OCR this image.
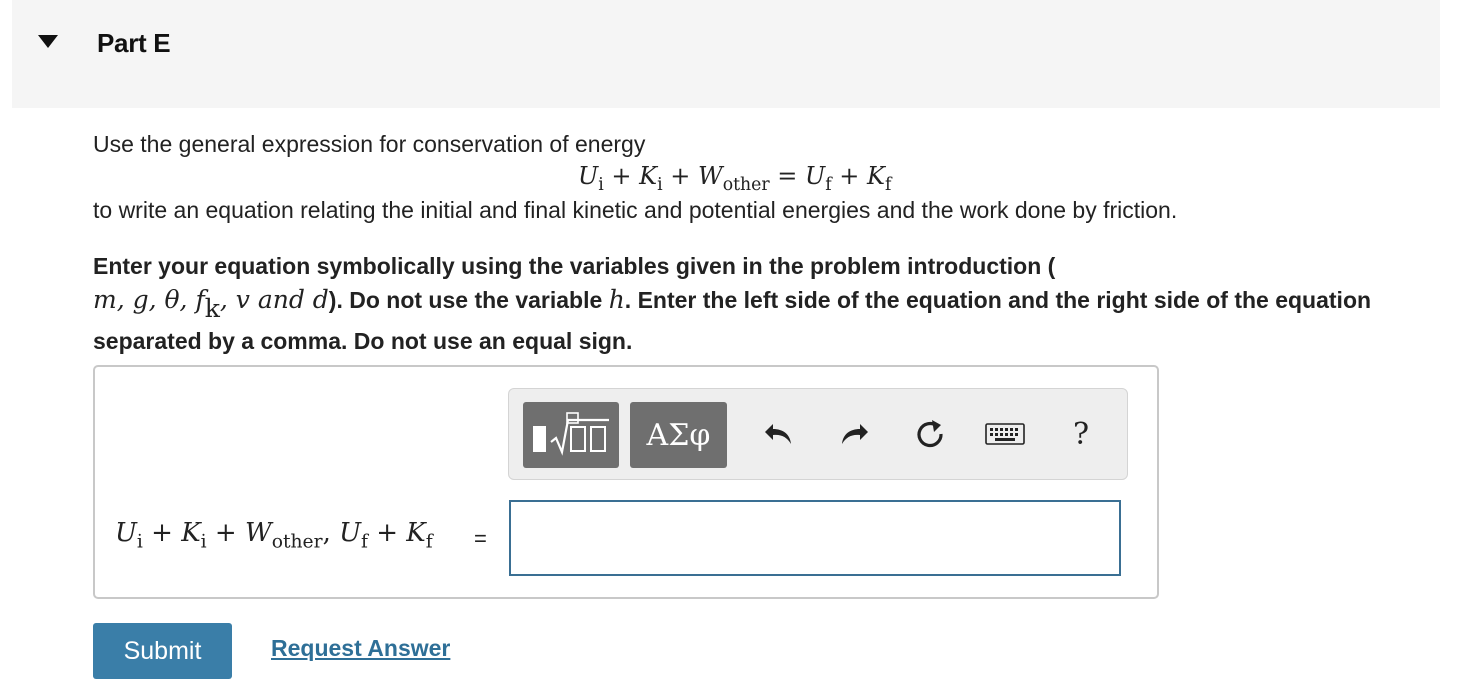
Part E
Use the general expression for conservation of energy
$U_i + K_i + W_{other} = U_f + K_f$
to write an equation relating the initial and final kinetic and potential energies and the work done by friction.
Enter your equation symbolically using the variables given in the problem introduction (
m, g, θ, fk, v and d). Do not use the variable h. Enter the left side of the equation and the right side of the equation separated by a comma. Do not use an equal sign.
ΑΣφ	?
$U_i + K_i + W_{other}$, $U_f + K_f$ =
Submit	Request Answer
